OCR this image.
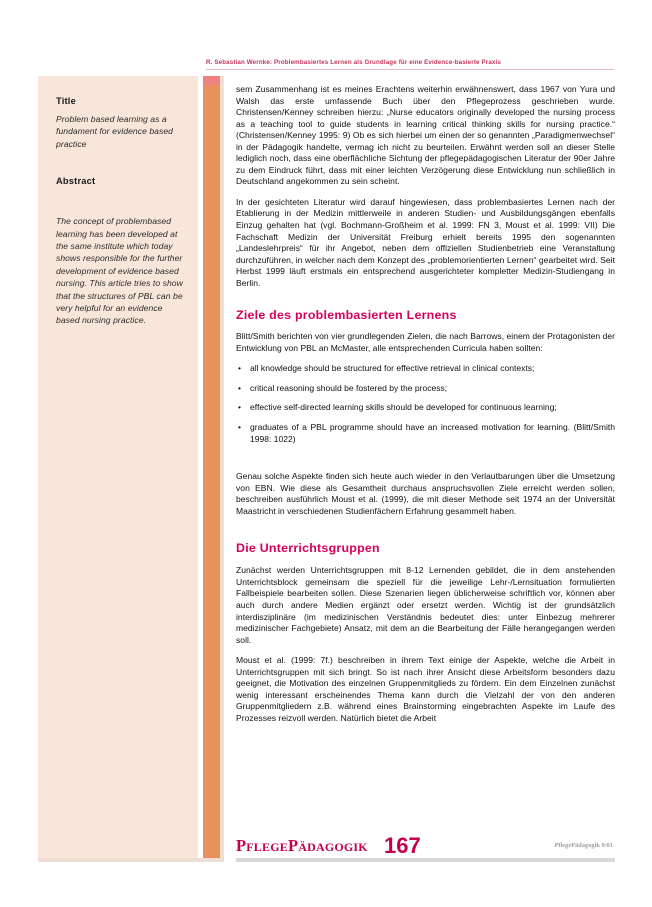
R. Sebastian Wernke: Problembasiertes Lernen als Grundlage für eine Evidence-basierte Praxis

Title

Problem based learning as a fundament for evidence based practice

Abstract

The concept of problembased learning has been developed at the same institute which today shows responsible for the further development of evidence based nursing. This article tries to show that the structures of PBL can be very helpful for an evidence based nursing practice.

sem Zusammenhang ist es meines Erachtens weiterhin erwähnenswert, dass 1967 von Yura und Walsh das erste umfassende Buch über den Pflegeprozess geschrieben wurde. Christensen/Kenney schreiben hierzu: „Nurse educators originally developed the nursing process as a teaching tool to guide students in learning critical thinking skills for nursing practice.“ (Christensen/Kenney 1995: 9) Ob es sich hierbei um einen der so genannten „Paradigmenwechsel“ in der Pädagogik handelte, vermag ich nicht zu beurteilen. Erwähnt werden soll an dieser Stelle lediglich noch, dass eine oberflächliche Sichtung der pflegepädagogischen Literatur der 90er Jahre zu dem Eindruck führt, dass mit einer leichten Verzögerung diese Entwicklung nun schließlich in Deutschland angekommen zu sein scheint.

In der gesichteten Literatur wird darauf hingewiesen, dass problembasiertes Lernen nach der Etablierung in der Medizin mittlerweile in anderen Studien- und Ausbildungsgängen ebenfalls Einzug gehalten hat (vgl. Bochmann-Großheim et al. 1999: FN 3, Moust et al. 1999: VII) Die Fachschaft Medizin der Universität Freiburg erhielt bereits 1995 den sogenannten „Landeslehrpreis“ für ihr Angebot, neben dem offiziellen Studienbetrieb eine Veranstaltung durchzuführen, in welcher nach dem Konzept des „problemorientierten Lernen“ gearbeitet wird. Seit Herbst 1999 läuft erstmals ein entsprechend ausgerichteter kompletter Medizin-Studiengang in Berlin.

Ziele des problembasierten Lernens

Blitt/Smith berichten von vier grundlegenden Zielen, die nach Barrows, einem der Protagonisten der Entwicklung von PBL an McMaster, alle entsprechenden Curricula haben sollten:

• all knowledge should be structured for effective retrieval in clinical contexts;
• critical reasoning should be fostered by the process;
• effective self-directed learning skills should be developed for continuous learning;
• graduates of a PBL programme should have an increased motivation for learning. (Blitt/Smith 1998: 1022)

Genau solche Aspekte finden sich heute auch wieder in den Verlautbarungen über die Umsetzung von EBN. Wie diese als Gesamtheit durchaus anspruchsvollen Ziele erreicht werden sollen, beschreiben ausführlich Moust et al. (1999), die mit dieser Methode seit 1974 an der Universität Maastricht in verschiedenen Studienfächern Erfahrung gesammelt haben.

Die Unterrichtsgruppen

Zunächst werden Unterrichtsgruppen mit 8-12 Lernenden gebildet, die in dem anstehenden Unterrichtsblock gemeinsam die speziell für die jeweilige Lehr-/Lernsituation formulierten Fallbeispiele bearbeiten sollen. Diese Szenarien liegen üblicherweise schriftlich vor, können aber auch durch andere Medien ergänzt oder ersetzt werden. Wichtig ist der grundsätzlich interdisziplinäre (im medizinischen Verständnis bedeutet dies: unter Einbezug mehrerer medizinischer Fachgebiete) Ansatz, mit dem an die Bearbeitung der Fälle herangegangen werden soll.

Moust et al. (1999: 7f.) beschreiben in ihrem Text einige der Aspekte, welche die Arbeit in Unterrichtsgruppen mit sich bringt. So ist nach ihrer Ansicht diese Arbeitsform besonders dazu geeignet, die Motivation des einzelnen Gruppenmitglieds zu fördern. Ein dem Einzelnen zunächst wenig interessant erscheinendes Thema kann durch die Vielzahl der von den anderen Gruppenmitgliedern z.B. während eines Brainstorming eingebrachten Aspekte im Laufe des Prozesses reizvoll werden. Natürlich bietet die Arbeit

PflegePädagogik 167	PflegePädagogik 9/01
